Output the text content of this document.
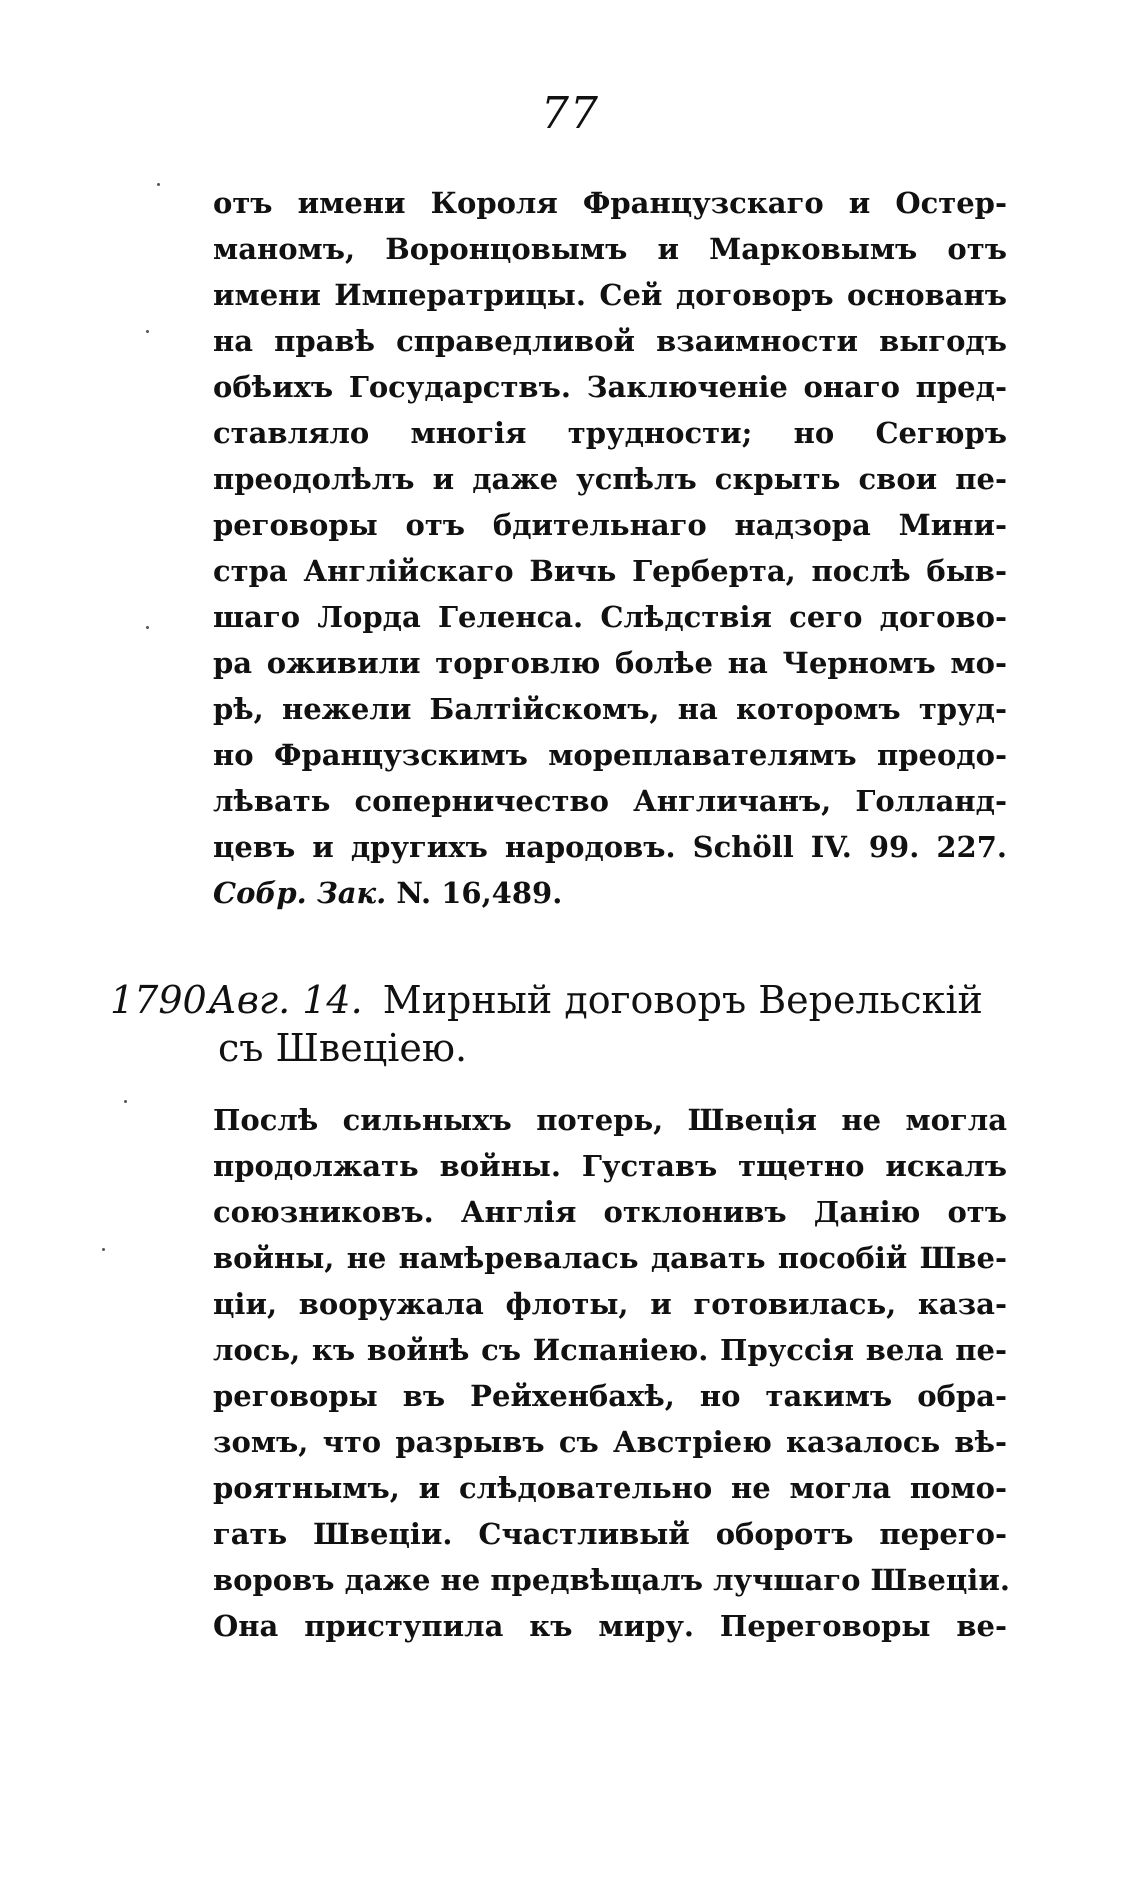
77
отъ имени Короля Французскаго и Остер-
маномъ, Воронцовымъ и Марковымъ отъ
имени Императрицы. Сей договоръ основанъ
на правѣ справедливой взаимности выгодъ
обѣихъ Государствъ. Заключеніе онаго пред-
ставляло многія трудности; но Сегюръ
преодолѣлъ и даже успѣлъ скрыть свои пе-
реговоры отъ бдительнаго надзора Мини-
стра Англійскаго Вичь Герберта, послѣ быв-
шаго Лорда Геленса. Слѣдствія сего догово-
ра оживили торговлю болѣе на Черномъ мо-
рѣ, нежели Балтійскомъ, на которомъ труд-
но Французскимъ мореплавателямъ преодо-
лѣвать соперничество Англичанъ, Голланд-
цевъ и другихъ народовъ. Schöll IV. 99. 227.
Собр. Зак. N. 16,489.
1790.Авг. 14. Мирный договоръ Верельскій
съ Швеціею.
Послѣ сильныхъ потерь, Швеція не могла
продолжать войны. Густавъ тщетно искалъ
союзниковъ. Англія отклонивъ Данію отъ
войны, не намѣревалась давать пособій Шве-
ціи, вооружала флоты, и готовилась, каза-
лось, къ войнѣ съ Испаніею. Пруссія вела пе-
реговоры въ Рейхенбахѣ, но такимъ обра-
зомъ, что разрывъ съ Австріею казалось вѣ-
роятнымъ, и слѣдовательно не могла помо-
гать Швеціи. Счастливый оборотъ перего-
воровъ даже не предвѣщалъ лучшаго Швеціи.
Она приступила къ миру. Переговоры ве-
